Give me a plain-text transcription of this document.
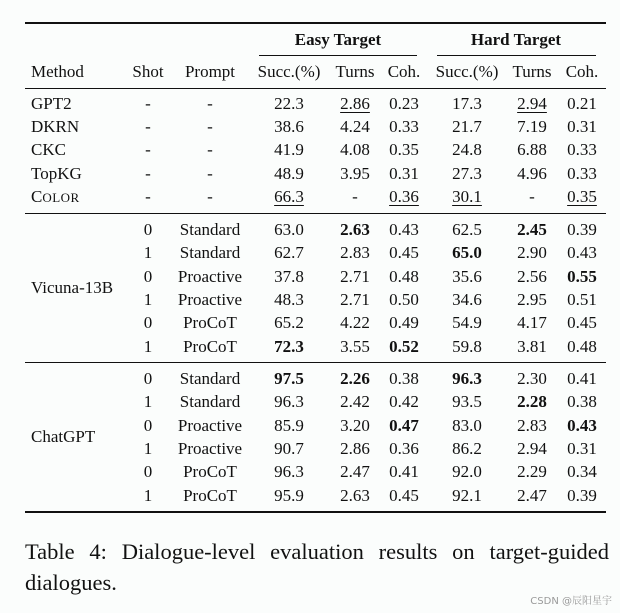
Easy Target	Hard Target
Method	Shot Prompt Succ.(%) Turns Coh. Succ.(%) Turns Coh.
GPT2	-	-	22.3 2.86 0.23 17.3 2.94 0.21
DKRN	-	-	38.6 4.24 0.33 21.7 7.19 0.31
CKC	-	-	41.9 4.08 0.35 24.8 6.88 0.33
TopKG	-	-	48.9 3.95 0.31 27.3 4.96 0.33
COLOR	-	-	66.3	- 0.36 30.1	- 0.35
Vicuna-13B
0 Standard 63.0 2.63 0.43 62.5 2.45 0.39
1 Standard 62.7 2.83 0.45 65.0 2.90 0.43
0 Proactive 37.8 2.71 0.48 35.6 2.56 0.55
1 Proactive 48.3 2.71 0.50 34.6 2.95 0.51
0 ProCoT 65.2 4.22 0.49 54.9 4.17 0.45
1 ProCoT 72.3 3.55 0.52 59.8 3.81 0.48
ChatGPT
0 Standard 97.5 2.26 0.38 96.3 2.30 0.41
1 Standard 96.3 2.42 0.42 93.5 2.28 0.38
0 Proactive 85.9 3.20 0.47 83.0 2.83 0.43
1 Proactive 90.7 2.86 0.36 86.2 2.94 0.31
0 ProCoT 96.3 2.47 0.41 92.0 2.29 0.34
1 ProCoT 95.9 2.63 0.45 92.1 2.47 0.39
Table 4: Dialogue-level evaluation results on target-guided dialogues.
CSDN @辰阳星宇
